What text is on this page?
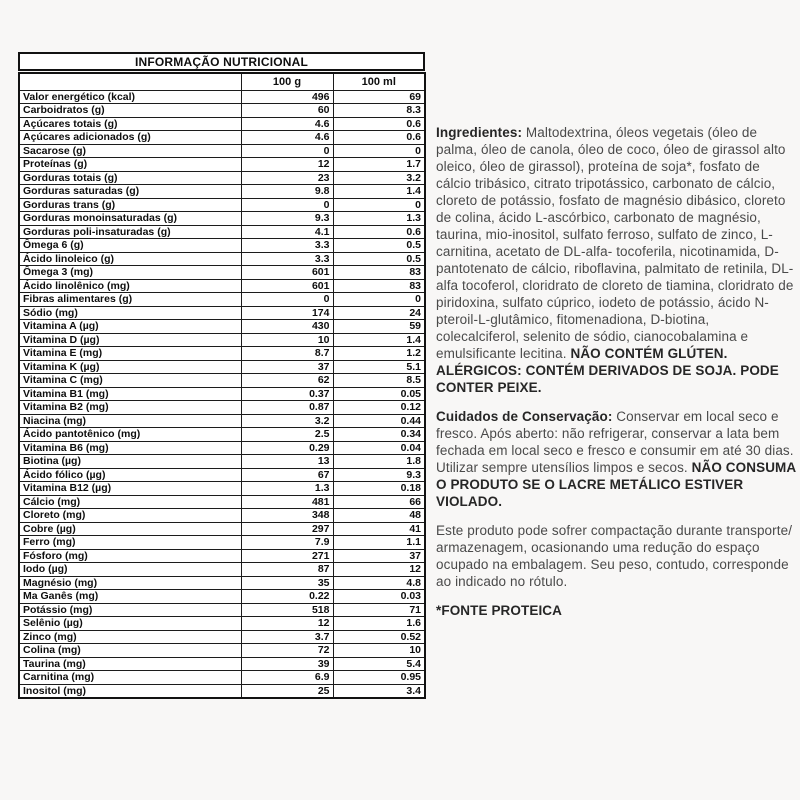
INFORMAÇÃO NUTRICIONAL
	100 g	100 ml
Valor energético (kcal)	496	69
Carboidratos (g)	60	8.3
Açúcares totais (g)	4.6	0.6
Açúcares adicionados (g)	4.6	0.6
Sacarose (g)	0	0
Proteínas (g)	12	1.7
Gorduras totais (g)	23	3.2
Gorduras saturadas (g)	9.8	1.4
Gorduras trans (g)	0	0
Gorduras monoinsaturadas (g)	9.3	1.3
Gorduras poli-insaturadas (g)	4.1	0.6
Ômega 6 (g)	3.3	0.5
Ácido linoleico (g)	3.3	0.5
Ômega 3 (mg)	601	83
Ácido linolênico (mg)	601	83
Fibras alimentares (g)	0	0
Sódio (mg)	174	24
Vitamina A (µg)	430	59
Vitamina D (µg)	10	1.4
Vitamina E (mg)	8.7	1.2
Vitamina K (µg)	37	5.1
Vitamina C (mg)	62	8.5
Vitamina B1 (mg)	0.37	0.05
Vitamina B2 (mg)	0.87	0.12
Niacina (mg)	3.2	0.44
Ácido pantotênico (mg)	2.5	0.34
Vitamina B6 (mg)	0.29	0.04
Biotina (µg)	13	1.8
Ácido fólico (µg)	67	9.3
Vitamina B12 (µg)	1.3	0.18
Cálcio (mg)	481	66
Cloreto (mg)	348	48
Cobre (µg)	297	41
Ferro (mg)	7.9	1.1
Fósforo (mg)	271	37
Iodo (µg)	87	12
Magnésio (mg)	35	4.8
Ma Ganês (mg)	0.22	0.03
Potássio (mg)	518	71
Selênio (µg)	12	1.6
Zinco (mg)	3.7	0.52
Colina (mg)	72	10
Taurina (mg)	39	5.4
Carnitina (mg)	6.9	0.95
Inositol (mg)	25	3.4

Ingredientes: Maltodextrina, óleos vegetais (óleo de palma, óleo de canola, óleo de coco, óleo de girassol alto oleico, óleo de girassol), proteína de soja*, fosfato de cálcio tribásico, citrato tripotássico, carbonato de cálcio, cloreto de potássio, fosfato de magnésio dibásico, cloreto de colina, ácido L-ascórbico, carbonato de magnésio, taurina, mio-inositol, sulfato ferroso, sulfato de zinco, L-carnitina, acetato de DL-alfa- tocoferila, nicotinamida, D-pantotenato de cálcio, riboflavina, palmitato de retinila, DL-alfa tocoferol, cloridrato de cloreto de tiamina, cloridrato de piridoxina, sulfato cúprico, iodeto de potássio, ácido N-pteroil-L-glutâmico, fitomenadiona, D-biotina, colecalciferol, selenito de sódio, cianocobalamina e emulsificante lecitina. NÃO CONTÉM GLÚTEN. ALÉRGICOS: CONTÉM DERIVADOS DE SOJA. PODE CONTER PEIXE.

Cuidados de Conservação: Conservar em local seco e fresco. Após aberto: não refrigerar, conservar a lata bem fechada em local seco e fresco e consumir em até 30 dias. Utilizar sempre utensílios limpos e secos. NÃO CONSUMA O PRODUTO SE O LACRE METÁLICO ESTIVER VIOLADO.

Este produto pode sofrer compactação durante transporte/ armazenagem, ocasionando uma redução do espaço ocupado na embalagem. Seu peso, contudo, corresponde ao indicado no rótulo.

*FONTE PROTEICA
